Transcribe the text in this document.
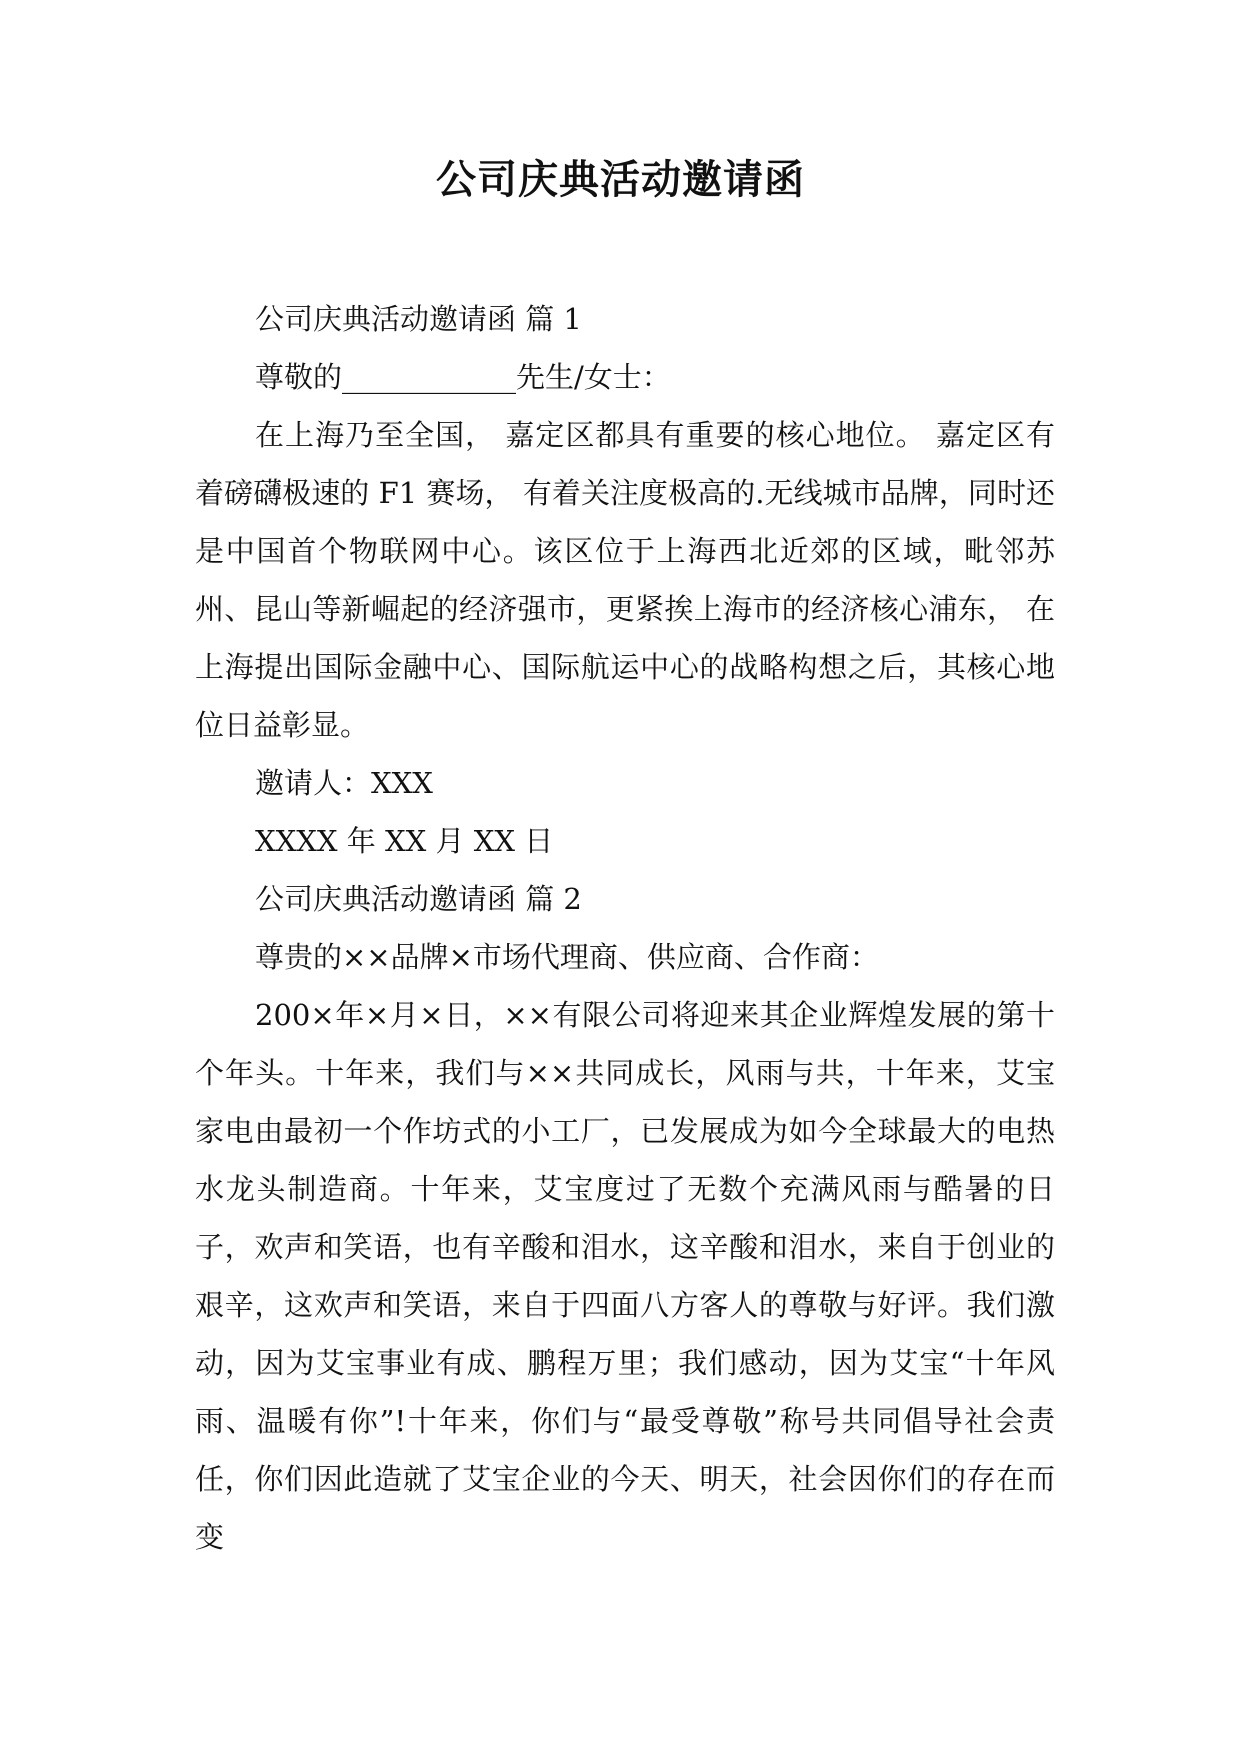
公司庆典活动邀请函
公司庆典活动邀请函 篇 1
尊敬的____________先生/女士：
在上海乃至全国， 嘉定区都具有重要的核心地位。 嘉定区有着磅礴极速的 F1 赛场， 有着关注度极高的.无线城市品牌，同时还是中国首个物联网中心。该区位于上海西北近郊的区域，毗邻苏州、昆山等新崛起的经济强市，更紧挨上海市的经济核心浦东， 在上海提出国际金融中心、国际航运中心的战略构想之后，其核心地位日益彰显。
邀请人：XXX
XXXX 年 XX 月 XX 日
公司庆典活动邀请函 篇 2
尊贵的××品牌×市场代理商、供应商、合作商：
200×年×月×日，××有限公司将迎来其企业辉煌发展的第十个年头。十年来，我们与××共同成长，风雨与共，十年来，艾宝家电由最初一个作坊式的小工厂，已发展成为如今全球最大的电热水龙头制造商。十年来，艾宝度过了无数个充满风雨与酷暑的日子，欢声和笑语，也有辛酸和泪水，这辛酸和泪水，来自于创业的艰辛，这欢声和笑语，来自于四面八方客人的尊敬与好评。我们激动，因为艾宝事业有成、鹏程万里；我们感动，因为艾宝“十年风雨、温暖有你”!十年来，你们与“最受尊敬”称号共同倡导社会责任，你们因此造就了艾宝企业的今天、明天，社会因你们的存在而变
